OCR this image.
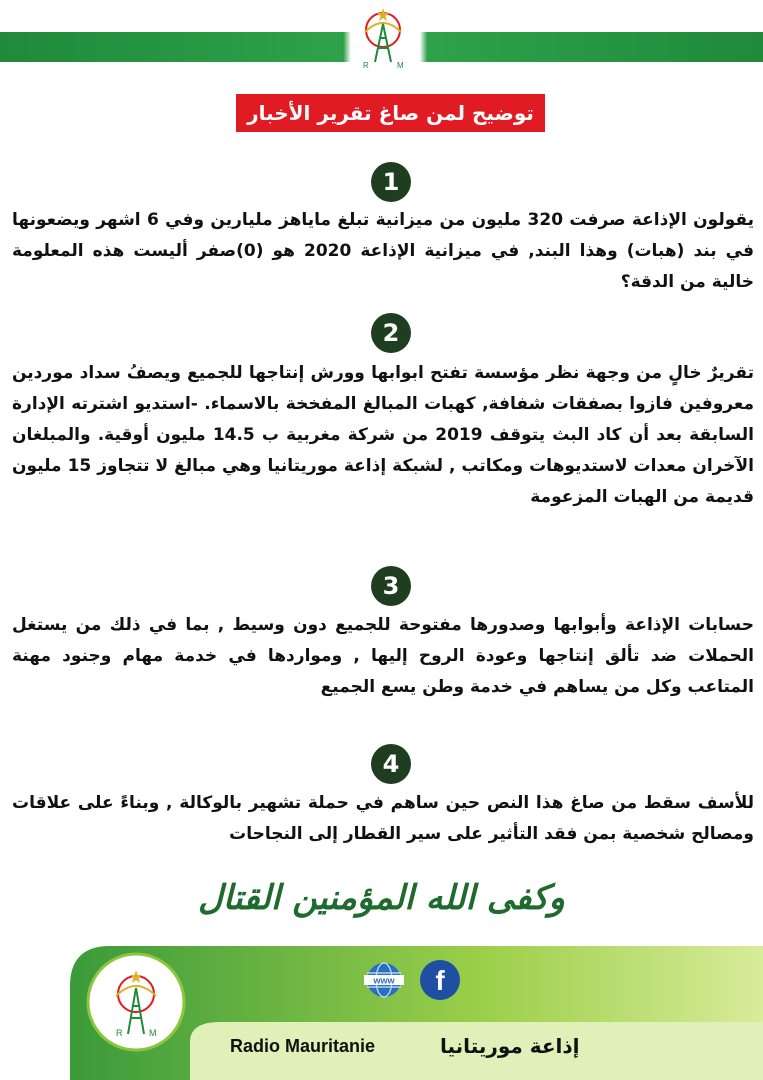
R	M
توضيح لمن صاغ تقرير الأخبار
1
يقولون الإذاعة صرفت 320 مليون من ميزانية تبلغ ماياهز مليارين وفي 6 اشهر ويضعونها في بند (هبات) وهذا البند, في ميزانية الإذاعة 2020 هو (0)صفر أليست هذه المعلومة خالية من الدقة؟
2
تقريرٌ خالٍ من وجهة نظر مؤسسة تفتح ابوابها وورش إنتاجها للجميع ويصفُ سداد موردين معروفين فازوا بصفقات شفافة, كهبات المبالغ المفخخة بالاسماء. -استديو اشترته الإدارة السابقة بعد أن كاد البث يتوقف 2019 من شركة مغربية ب 14.5 مليون أوقية. والمبلغان الآخران معدات لاستديوهات ومكاتب , لشبكة إذاعة موريتانيا وهي مبالغ لا تتجاوز 15 مليون قديمة من الهبات المزعومة
3
حسابات الإذاعة وأبوابها وصدورها مفتوحة للجميع دون وسيط , بما في ذلك من يستغل الحملات ضد تألق إنتاجها وعودة الروح إليها , ومواردها في خدمة مهام وجنود مهنة المتاعب وكل من يساهم في خدمة وطن يسع الجميع
4
للأسف سقط من صاغ هذا النص حين ساهم في حملة تشهير بالوكالة , وبناءً على علاقات ومصالح شخصية بمن فقد التأثير على سير القطار إلى النجاحات
وكفى الله المؤمنين القتال
R	M
www	f
Radio Mauritanie	إذاعة موريتانيا
